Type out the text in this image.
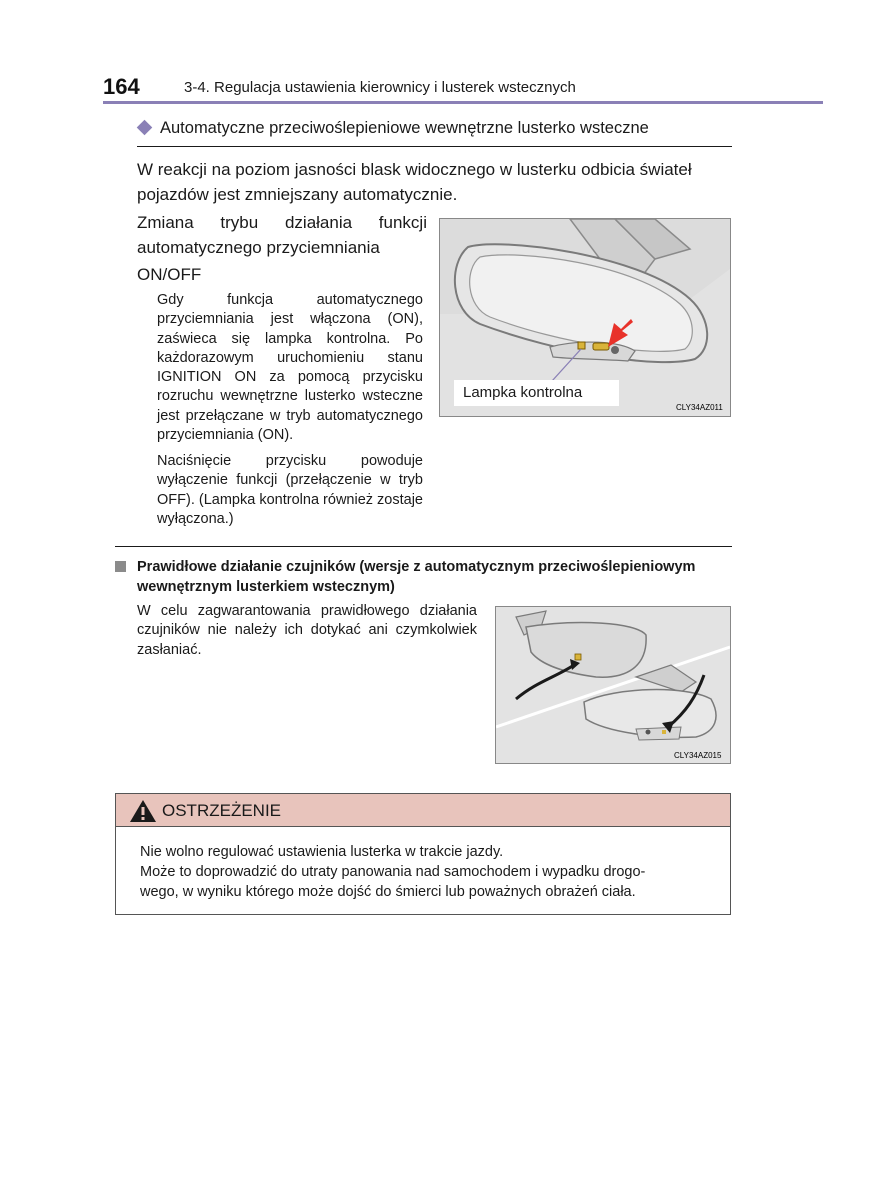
164	3-4. Regulacja ustawienia kierownicy i lusterek wstecznych
Automatyczne przeciwoślepieniowe wewnętrzne lusterko wsteczne
W reakcji na poziom jasności blask widocznego w lusterku odbicia świateł pojazdów jest zmniejszany automatycznie.
Zmiana trybu działania funkcji automatycznego przyciemniania
ON/OFF
Gdy funkcja automatycznego przyciemniania jest włączona (ON), zaświeca się lampka kontrolna. Po każdorazowym uruchomieniu stanu IGNITION ON za pomocą przycisku rozruchu wewnętrzne lusterko wsteczne jest przełączane w tryb automatycznego przyciemniania (ON).
Naciśnięcie przycisku powoduje wyłączenie funkcji (przełączenie w tryb OFF). (Lampka kontrolna również zostaje wyłączona.)
CLY34AZ011
Lampka kontrolna
Prawidłowe działanie czujników (wersje z automatycznym przeciwoślepieniowym wewnętrznym lusterkiem wstecznym)
W celu zagwarantowania prawidłowego działania czujników nie należy ich dotykać ani czymkolwiek zasłaniać.
CLY34AZ015
OSTRZEŻENIE
Nie wolno regulować ustawienia lusterka w trakcie jazdy.
Może to doprowadzić do utraty panowania nad samochodem i wypadku drogo-
wego, w wyniku którego może dojść do śmierci lub poważnych obrażeń ciała.
